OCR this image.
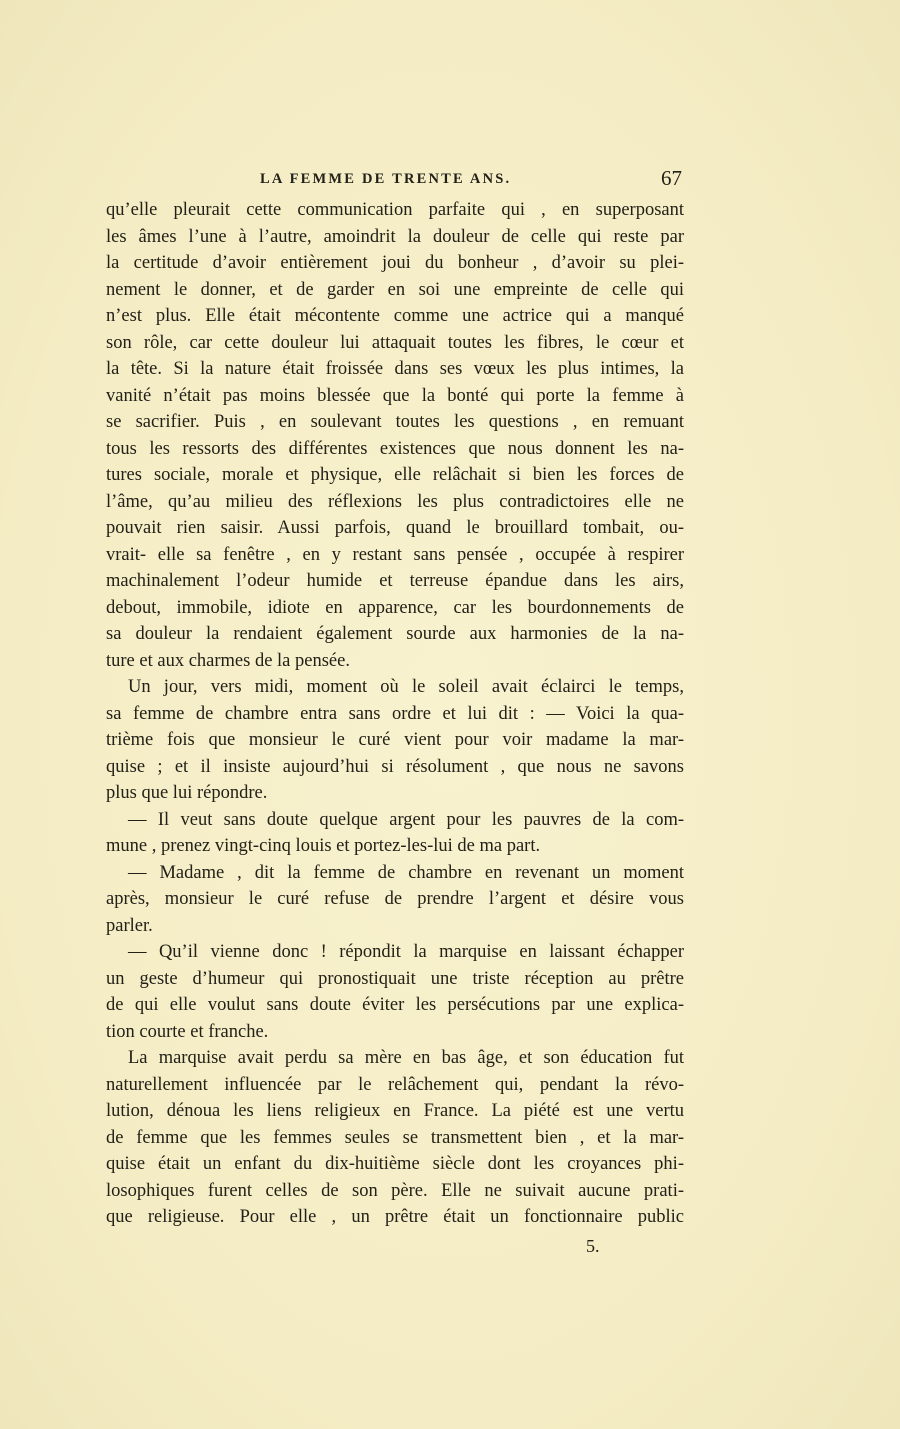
LA FEMME DE TRENTE ANS.	67
qu’elle pleurait cette communication parfaite qui , en superposant
les âmes l’une à l’autre, amoindrit la douleur de celle qui reste par
la certitude d’avoir entièrement joui du bonheur , d’avoir su plei-
nement le donner, et de garder en soi une empreinte de celle qui
n’est plus. Elle était mécontente comme une actrice qui a manqué
son rôle, car cette douleur lui attaquait toutes les fibres, le cœur et
la tête. Si la nature était froissée dans ses vœux les plus intimes, la
vanité n’était pas moins blessée que la bonté qui porte la femme à
se sacrifier. Puis , en soulevant toutes les questions , en remuant
tous les ressorts des différentes existences que nous donnent les na-
tures sociale, morale et physique, elle relâchait si bien les forces de
l’âme, qu’au milieu des réflexions les plus contradictoires elle ne
pouvait rien saisir. Aussi parfois, quand le brouillard tombait, ou-
vrait- elle sa fenêtre , en y restant sans pensée , occupée à respirer
machinalement l’odeur humide et terreuse épandue dans les airs,
debout, immobile, idiote en apparence, car les bourdonnements de
sa douleur la rendaient également sourde aux harmonies de la na-
ture et aux charmes de la pensée.
Un jour, vers midi, moment où le soleil avait éclairci le temps,
sa femme de chambre entra sans ordre et lui dit : — Voici la qua-
trième fois que monsieur le curé vient pour voir madame la mar-
quise ; et il insiste aujourd’hui si résolument , que nous ne savons
plus que lui répondre.
— Il veut sans doute quelque argent pour les pauvres de la com-
mune , prenez vingt-cinq louis et portez-les-lui de ma part.
— Madame , dit la femme de chambre en revenant un moment
après, monsieur le curé refuse de prendre l’argent et désire vous
parler.
— Qu’il vienne donc ! répondit la marquise en laissant échapper
un geste d’humeur qui pronostiquait une triste réception au prêtre
de qui elle voulut sans doute éviter les persécutions par une explica-
tion courte et franche.
La marquise avait perdu sa mère en bas âge, et son éducation fut
naturellement influencée par le relâchement qui, pendant la révo-
lution, dénoua les liens religieux en France. La piété est une vertu
de femme que les femmes seules se transmettent bien , et la mar-
quise était un enfant du dix-huitième siècle dont les croyances phi-
losophiques furent celles de son père. Elle ne suivait aucune prati-
que religieuse. Pour elle , un prêtre était un fonctionnaire public
5.
